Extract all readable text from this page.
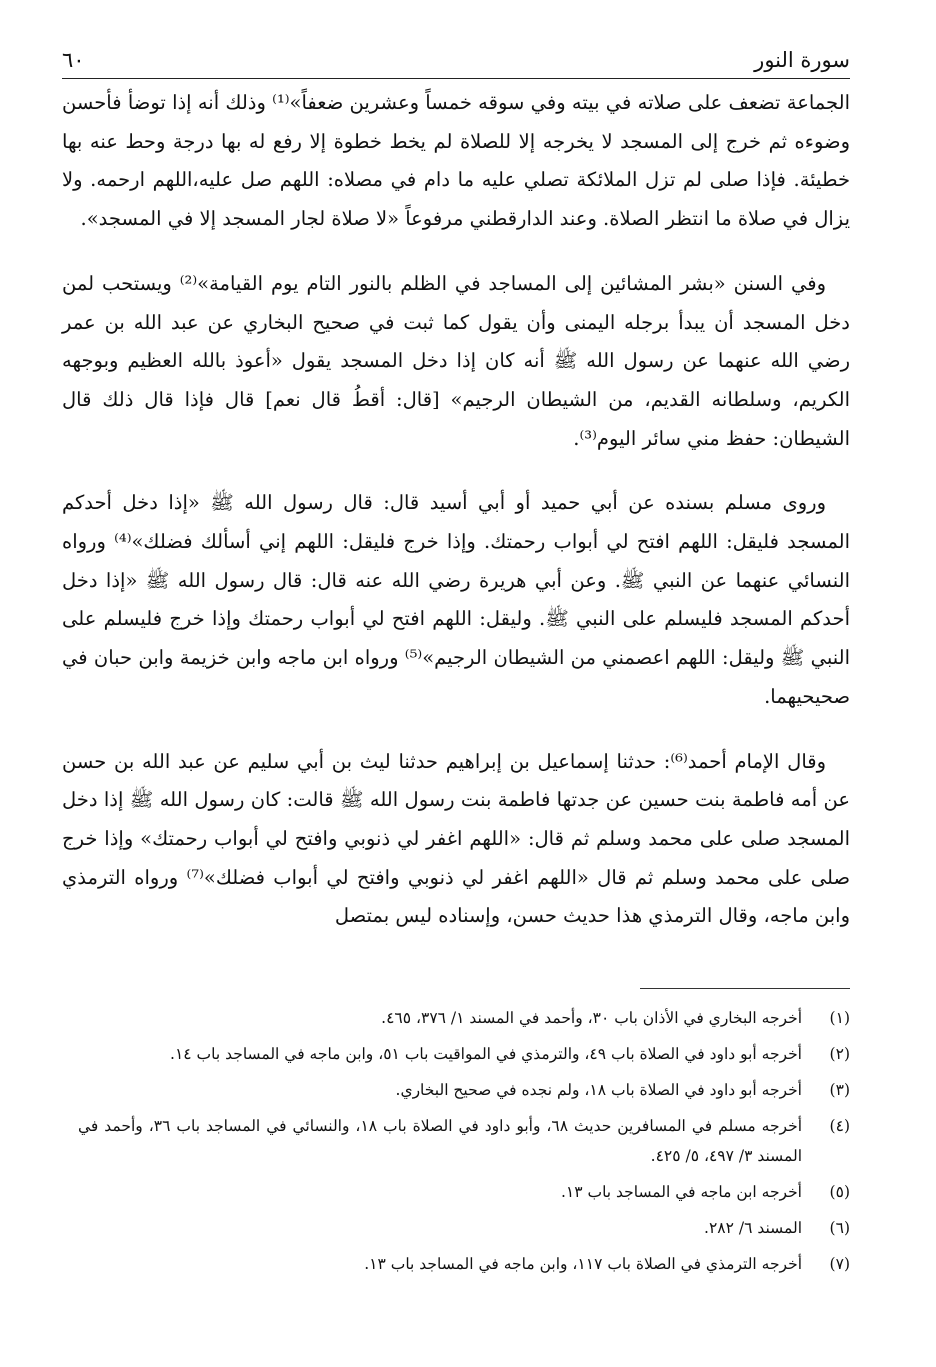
سورة النور
٦٠

الجماعة تضعف على صلاته في بيته وفي سوقه خمساً وعشرين ضعفاً»⁽¹⁾ وذلك أنه إذا توضأ فأحسن وضوءه ثم خرج إلى المسجد لا يخرجه إلا للصلاة لم يخط خطوة إلا رفع له بها درجة وحط عنه بها خطيئة. فإذا صلى لم تزل الملائكة تصلي عليه ما دام في مصلاه: اللهم صل عليه،اللهم ارحمه. ولا يزال في صلاة ما انتظر الصلاة. وعند الدارقطني مرفوعاً «لا صلاة لجار المسجد إلا في المسجد».

وفي السنن «بشر المشائين إلى المساجد في الظلم بالنور التام يوم القيامة»⁽²⁾ ويستحب لمن دخل المسجد أن يبدأ برجله اليمنى وأن يقول كما ثبت في صحيح البخاري عن عبد الله بن عمر رضي الله عنهما عن رسول الله ﷺ أنه كان إذا دخل المسجد يقول «أعوذ بالله العظيم وبوجهه الكريم، وسلطانه القديم، من الشيطان الرجيم» [قال: أقطُ قال نعم] قال فإذا قال ذلك قال الشيطان: حفظ مني سائر اليوم⁽³⁾.

وروى مسلم بسنده عن أبي حميد أو أبي أسيد قال: قال رسول الله ﷺ «إذا دخل أحدكم المسجد فليقل: اللهم افتح لي أبواب رحمتك. وإذا خرج فليقل: اللهم إني أسألك فضلك»⁽⁴⁾ ورواه النسائي عنهما عن النبي ﷺ. وعن أبي هريرة رضي الله عنه قال: قال رسول الله ﷺ «إذا دخل أحدكم المسجد فليسلم على النبي ﷺ. وليقل: اللهم افتح لي أبواب رحمتك وإذا خرج فليسلم على النبي ﷺ وليقل: اللهم اعصمني من الشيطان الرجيم»⁽⁵⁾ ورواه ابن ماجه وابن خزيمة وابن حبان في صحيحيهما.

وقال الإمام أحمد⁽⁶⁾: حدثنا إسماعيل بن إبراهيم حدثنا ليث بن أبي سليم عن عبد الله بن حسن عن أمه فاطمة بنت حسين عن جدتها فاطمة بنت رسول الله ﷺ قالت: كان رسول الله ﷺ إذا دخل المسجد صلى على محمد وسلم ثم قال: «اللهم اغفر لي ذنوبي وافتح لي أبواب رحمتك» وإذا خرج صلى على محمد وسلم ثم قال «اللهم اغفر لي ذنوبي وافتح لي أبواب فضلك»⁽⁷⁾ ورواه الترمذي وابن ماجه، وقال الترمذي هذا حديث حسن، وإسناده ليس بمتصل

(١)
أخرجه البخاري في الأذان باب ٣٠، وأحمد في المسند ١/ ٣٧٦، ٤٦٥.
(٢)
أخرجه أبو داود في الصلاة باب ٤٩، والترمذي في المواقيت باب ٥١، وابن ماجه في المساجد باب ١٤.
(٣)
أخرجه أبو داود في الصلاة باب ١٨، ولم نجده في صحيح البخاري.
(٤)
أخرجه مسلم في المسافرين حديث ٦٨، وأبو داود في الصلاة باب ١٨، والنسائي في المساجد باب ٣٦، وأحمد في المسند ٣/ ٤٩٧، ٥/ ٤٢٥.
(٥)
أخرجه ابن ماجه في المساجد باب ١٣.
(٦)
المسند ٦/ ٢٨٢.
(٧)
أخرجه الترمذي في الصلاة باب ١١٧، وابن ماجه في المساجد باب ١٣.
